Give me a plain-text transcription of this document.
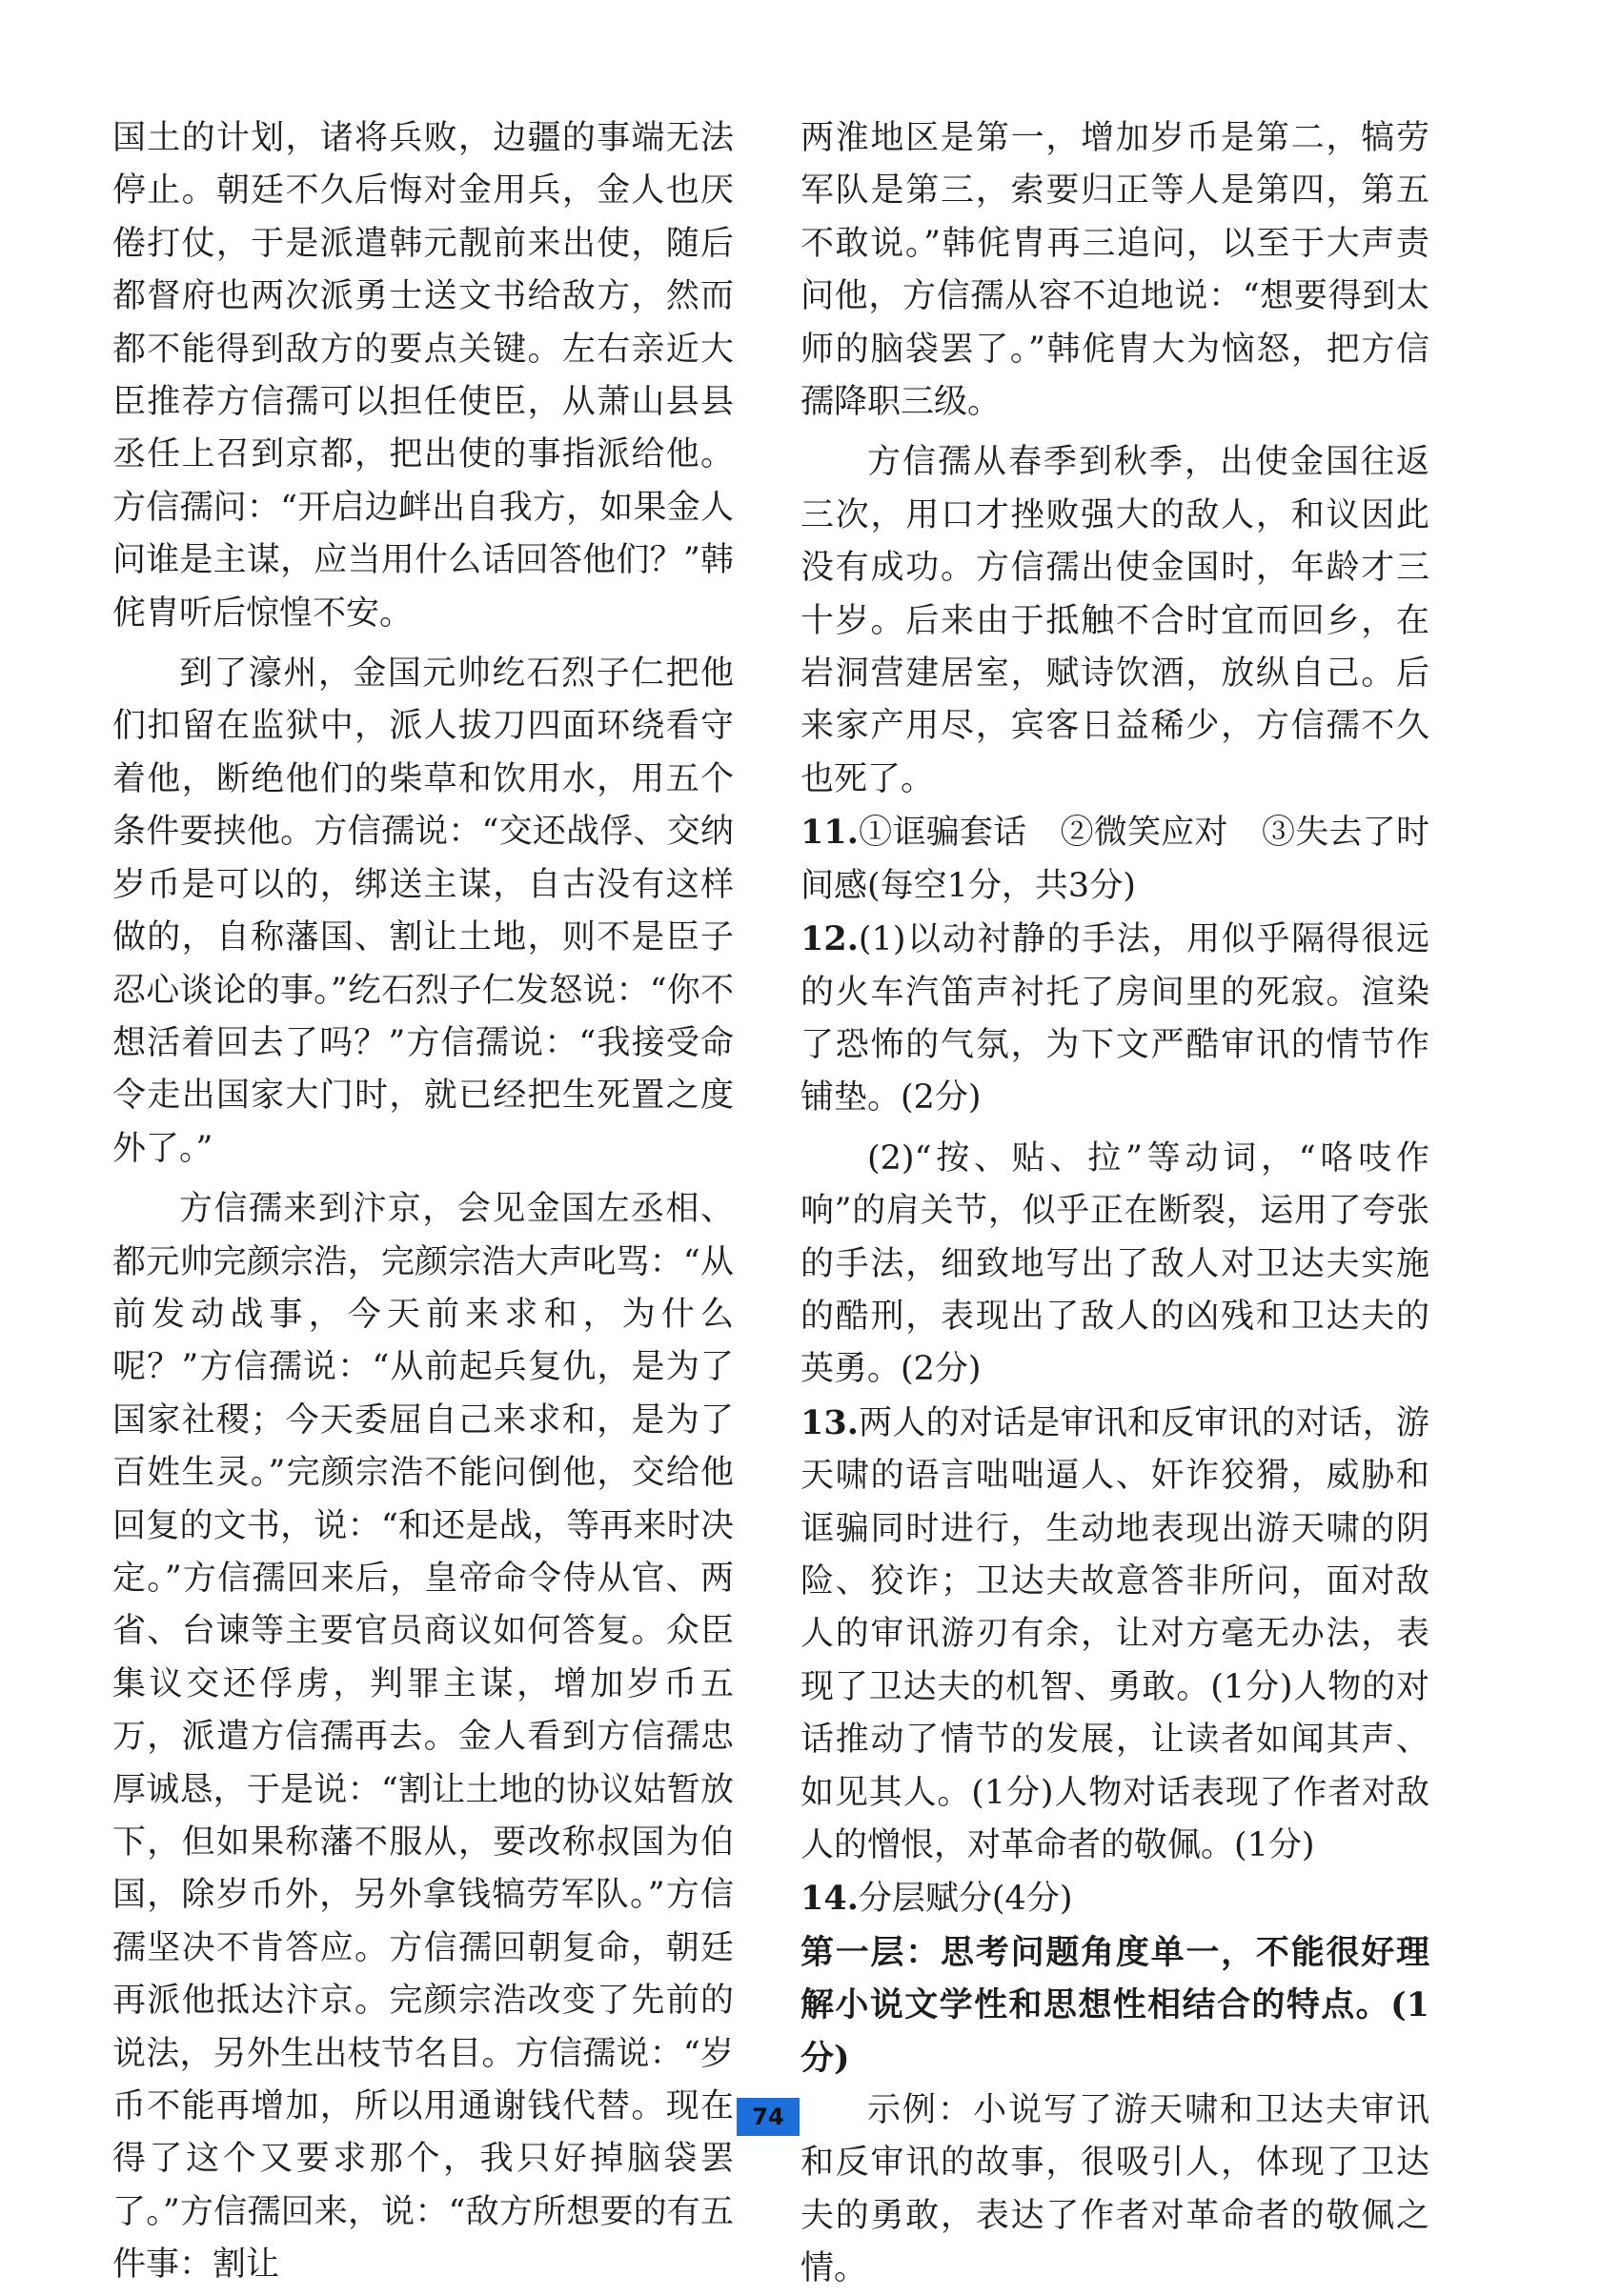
国土的计划，诸将兵败，边疆的事端无法停止。朝廷不久后悔对金用兵，金人也厌倦打仗，于是派遣韩元靓前来出使，随后都督府也两次派勇士送文书给敌方，然而都不能得到敌方的要点关键。左右亲近大臣推荐方信孺可以担任使臣，从萧山县县丞任上召到京都，把出使的事指派给他。方信孺问：“开启边衅出自我方，如果金人问谁是主谋，应当用什么话回答他们？”韩侂胄听后惊惶不安。

到了濠州，金国元帅纥石烈子仁把他们扣留在监狱中，派人拔刀四面环绕看守着他，断绝他们的柴草和饮用水，用五个条件要挟他。方信孺说：“交还战俘、交纳岁币是可以的，绑送主谋，自古没有这样做的，自称藩国、割让土地，则不是臣子忍心谈论的事。”纥石烈子仁发怒说：“你不想活着回去了吗？”方信孺说：“我接受命令走出国家大门时，就已经把生死置之度外了。”

方信孺来到汴京，会见金国左丞相、都元帅完颜宗浩，完颜宗浩大声叱骂：“从前发动战事，今天前来求和，为什么呢？”方信孺说：“从前起兵复仇，是为了国家社稷；今天委屈自己来求和，是为了百姓生灵。”完颜宗浩不能问倒他，交给他回复的文书，说：“和还是战，等再来时决定。”方信孺回来后，皇帝命令侍从官、两省、台谏等主要官员商议如何答复。众臣集议交还俘虏，判罪主谋，增加岁币五万，派遣方信孺再去。金人看到方信孺忠厚诚恳，于是说：“割让土地的协议姑暂放下，但如果称藩不服从，要改称叔国为伯国，除岁币外，另外拿钱犒劳军队。”方信孺坚决不肯答应。方信孺回朝复命，朝廷再派他抵达汴京。完颜宗浩改变了先前的说法，另外生出枝节名目。方信孺说：“岁币不能再增加，所以用通谢钱代替。现在得了这个又要求那个，我只好掉脑袋罢了。”方信孺回来，说：“敌方所想要的有五件事：割让

两淮地区是第一，增加岁币是第二，犒劳军队是第三，索要归正等人是第四，第五不敢说。”韩侂胄再三追问，以至于大声责问他，方信孺从容不迫地说：“想要得到太师的脑袋罢了。”韩侂胄大为恼怒，把方信孺降职三级。

方信孺从春季到秋季，出使金国往返三次，用口才挫败强大的敌人，和议因此没有成功。方信孺出使金国时，年龄才三十岁。后来由于抵触不合时宜而回乡，在岩洞营建居室，赋诗饮酒，放纵自己。后来家产用尽，宾客日益稀少，方信孺不久也死了。

11.①诓骗套话　②微笑应对　③失去了时间感(每空1分，共3分)

12.(1)以动衬静的手法，用似乎隔得很远的火车汽笛声衬托了房间里的死寂。渲染了恐怖的气氛，为下文严酷审讯的情节作铺垫。(2分)

(2)“按、贴、拉”等动词，“咯吱作响”的肩关节，似乎正在断裂，运用了夸张的手法，细致地写出了敌人对卫达夫实施的酷刑，表现出了敌人的凶残和卫达夫的英勇。(2分)

13.两人的对话是审讯和反审讯的对话，游天啸的语言咄咄逼人、奸诈狡猾，威胁和诓骗同时进行，生动地表现出游天啸的阴险、狡诈；卫达夫故意答非所问，面对敌人的审讯游刃有余，让对方毫无办法，表现了卫达夫的机智、勇敢。(1分)人物的对话推动了情节的发展，让读者如闻其声、如见其人。(1分)人物对话表现了作者对敌人的憎恨，对革命者的敬佩。(1分)

14.分层赋分(4分)

第一层：思考问题角度单一，不能很好理解小说文学性和思想性相结合的特点。(1分)

示例：小说写了游天啸和卫达夫审讯和反审讯的故事，很吸引人，体现了卫达夫的勇敢，表达了作者对革命者的敬佩之情。

74
